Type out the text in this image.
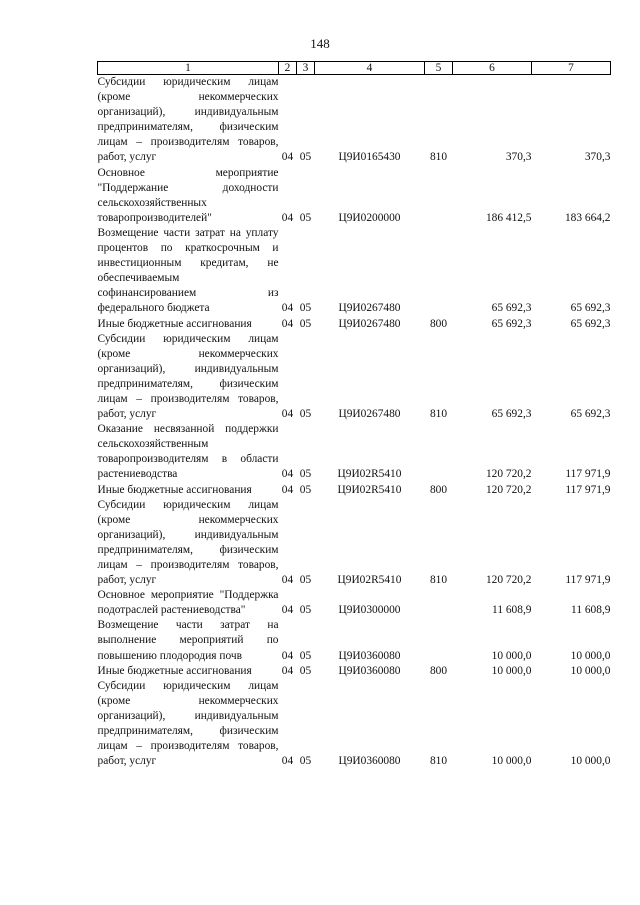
148
1	2	3	4	5	6	7
Субсидии юридическим лицам (кроме некоммерческих организаций), индивидуальным предпринимателям, физическим лицам – производителям товаров, работ, услуг	04	05	Ц9И0165430	810	370,3	370,3
Основное мероприятие "Поддержание доходности сельскохозяйственных товаропроизводителей"	04	05	Ц9И0200000		186 412,5	183 664,2
Возмещение части затрат на уплату процентов по краткосрочным и инвестиционным кредитам, не обеспечиваемым софинансированием из федерального бюджета	04	05	Ц9И0267480		65 692,3	65 692,3
Иные бюджетные ассигнования	04	05	Ц9И0267480	800	65 692,3	65 692,3
Субсидии юридическим лицам (кроме некоммерческих организаций), индивидуальным предпринимателям, физическим лицам – производителям товаров, работ, услуг	04	05	Ц9И0267480	810	65 692,3	65 692,3
Оказание несвязанной поддержки сельскохозяйственным товаропроизводителям в области растениеводства	04	05	Ц9И02R5410		120 720,2	117 971,9
Иные бюджетные ассигнования	04	05	Ц9И02R5410	800	120 720,2	117 971,9
Субсидии юридическим лицам (кроме некоммерческих организаций), индивидуальным предпринимателям, физическим лицам – производителям товаров, работ, услуг	04	05	Ц9И02R5410	810	120 720,2	117 971,9
Основное мероприятие "Поддержка подотраслей растениеводства"	04	05	Ц9И0300000		11 608,9	11 608,9
Возмещение части затрат на выполнение мероприятий по повышению плодородия почв	04	05	Ц9И0360080		10 000,0	10 000,0
Иные бюджетные ассигнования	04	05	Ц9И0360080	800	10 000,0	10 000,0
Субсидии юридическим лицам (кроме некоммерческих организаций), индивидуальным предпринимателям, физическим лицам – производителям товаров, работ, услуг	04	05	Ц9И0360080	810	10 000,0	10 000,0
